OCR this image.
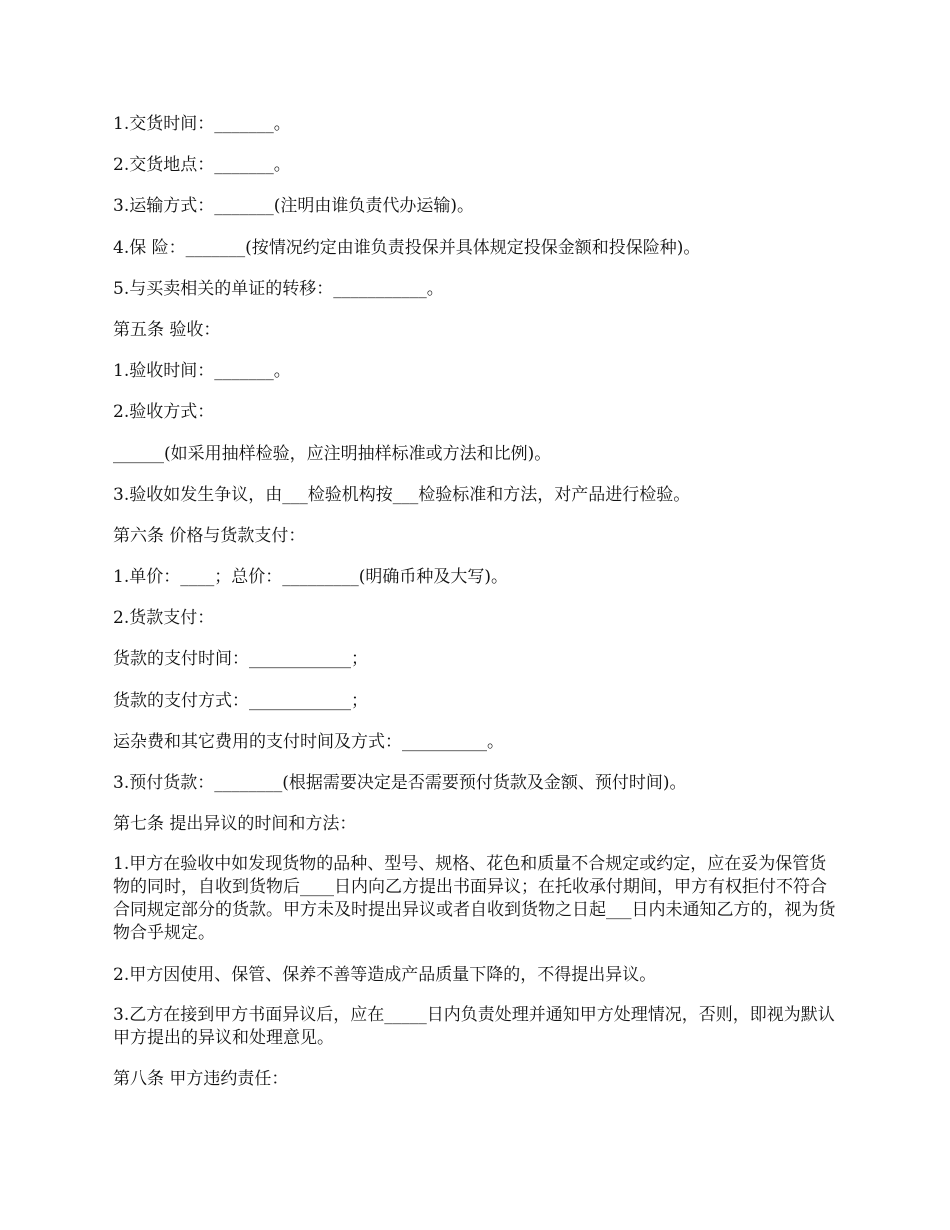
1.交货时间：_______。

2.交货地点：_______。

3.运输方式：_______(注明由谁负责代办运输)。

4.保 险：_______(按情况约定由谁负责投保并具体规定投保金额和投保险种)。

5.与买卖相关的单证的转移：___________。

第五条 验收：

1.验收时间：_______。

2.验收方式：

______(如采用抽样检验，应注明抽样标准或方法和比例)。

3.验收如发生争议，由___检验机构按___检验标准和方法，对产品进行检验。

第六条 价格与货款支付：

1.单价：____；总价：_________(明确币种及大写)。

2.货款支付：

货款的支付时间：____________；

货款的支付方式：____________；

运杂费和其它费用的支付时间及方式：__________。

3.预付货款：________(根据需要决定是否需要预付货款及金额、预付时间)。

第七条 提出异议的时间和方法：

1.甲方在验收中如发现货物的品种、型号、规格、花色和质量不合规定或约定，应在妥为保管货物的同时，自收到货物后____日内向乙方提出书面异议；在托收承付期间，甲方有权拒付不符合合同规定部分的货款。甲方未及时提出异议或者自收到货物之日起___日内未通知乙方的，视为货物合乎规定。

2.甲方因使用、保管、保养不善等造成产品质量下降的，不得提出异议。

3.乙方在接到甲方书面异议后，应在_____日内负责处理并通知甲方处理情况，否则，即视为默认甲方提出的异议和处理意见。

第八条 甲方违约责任：
